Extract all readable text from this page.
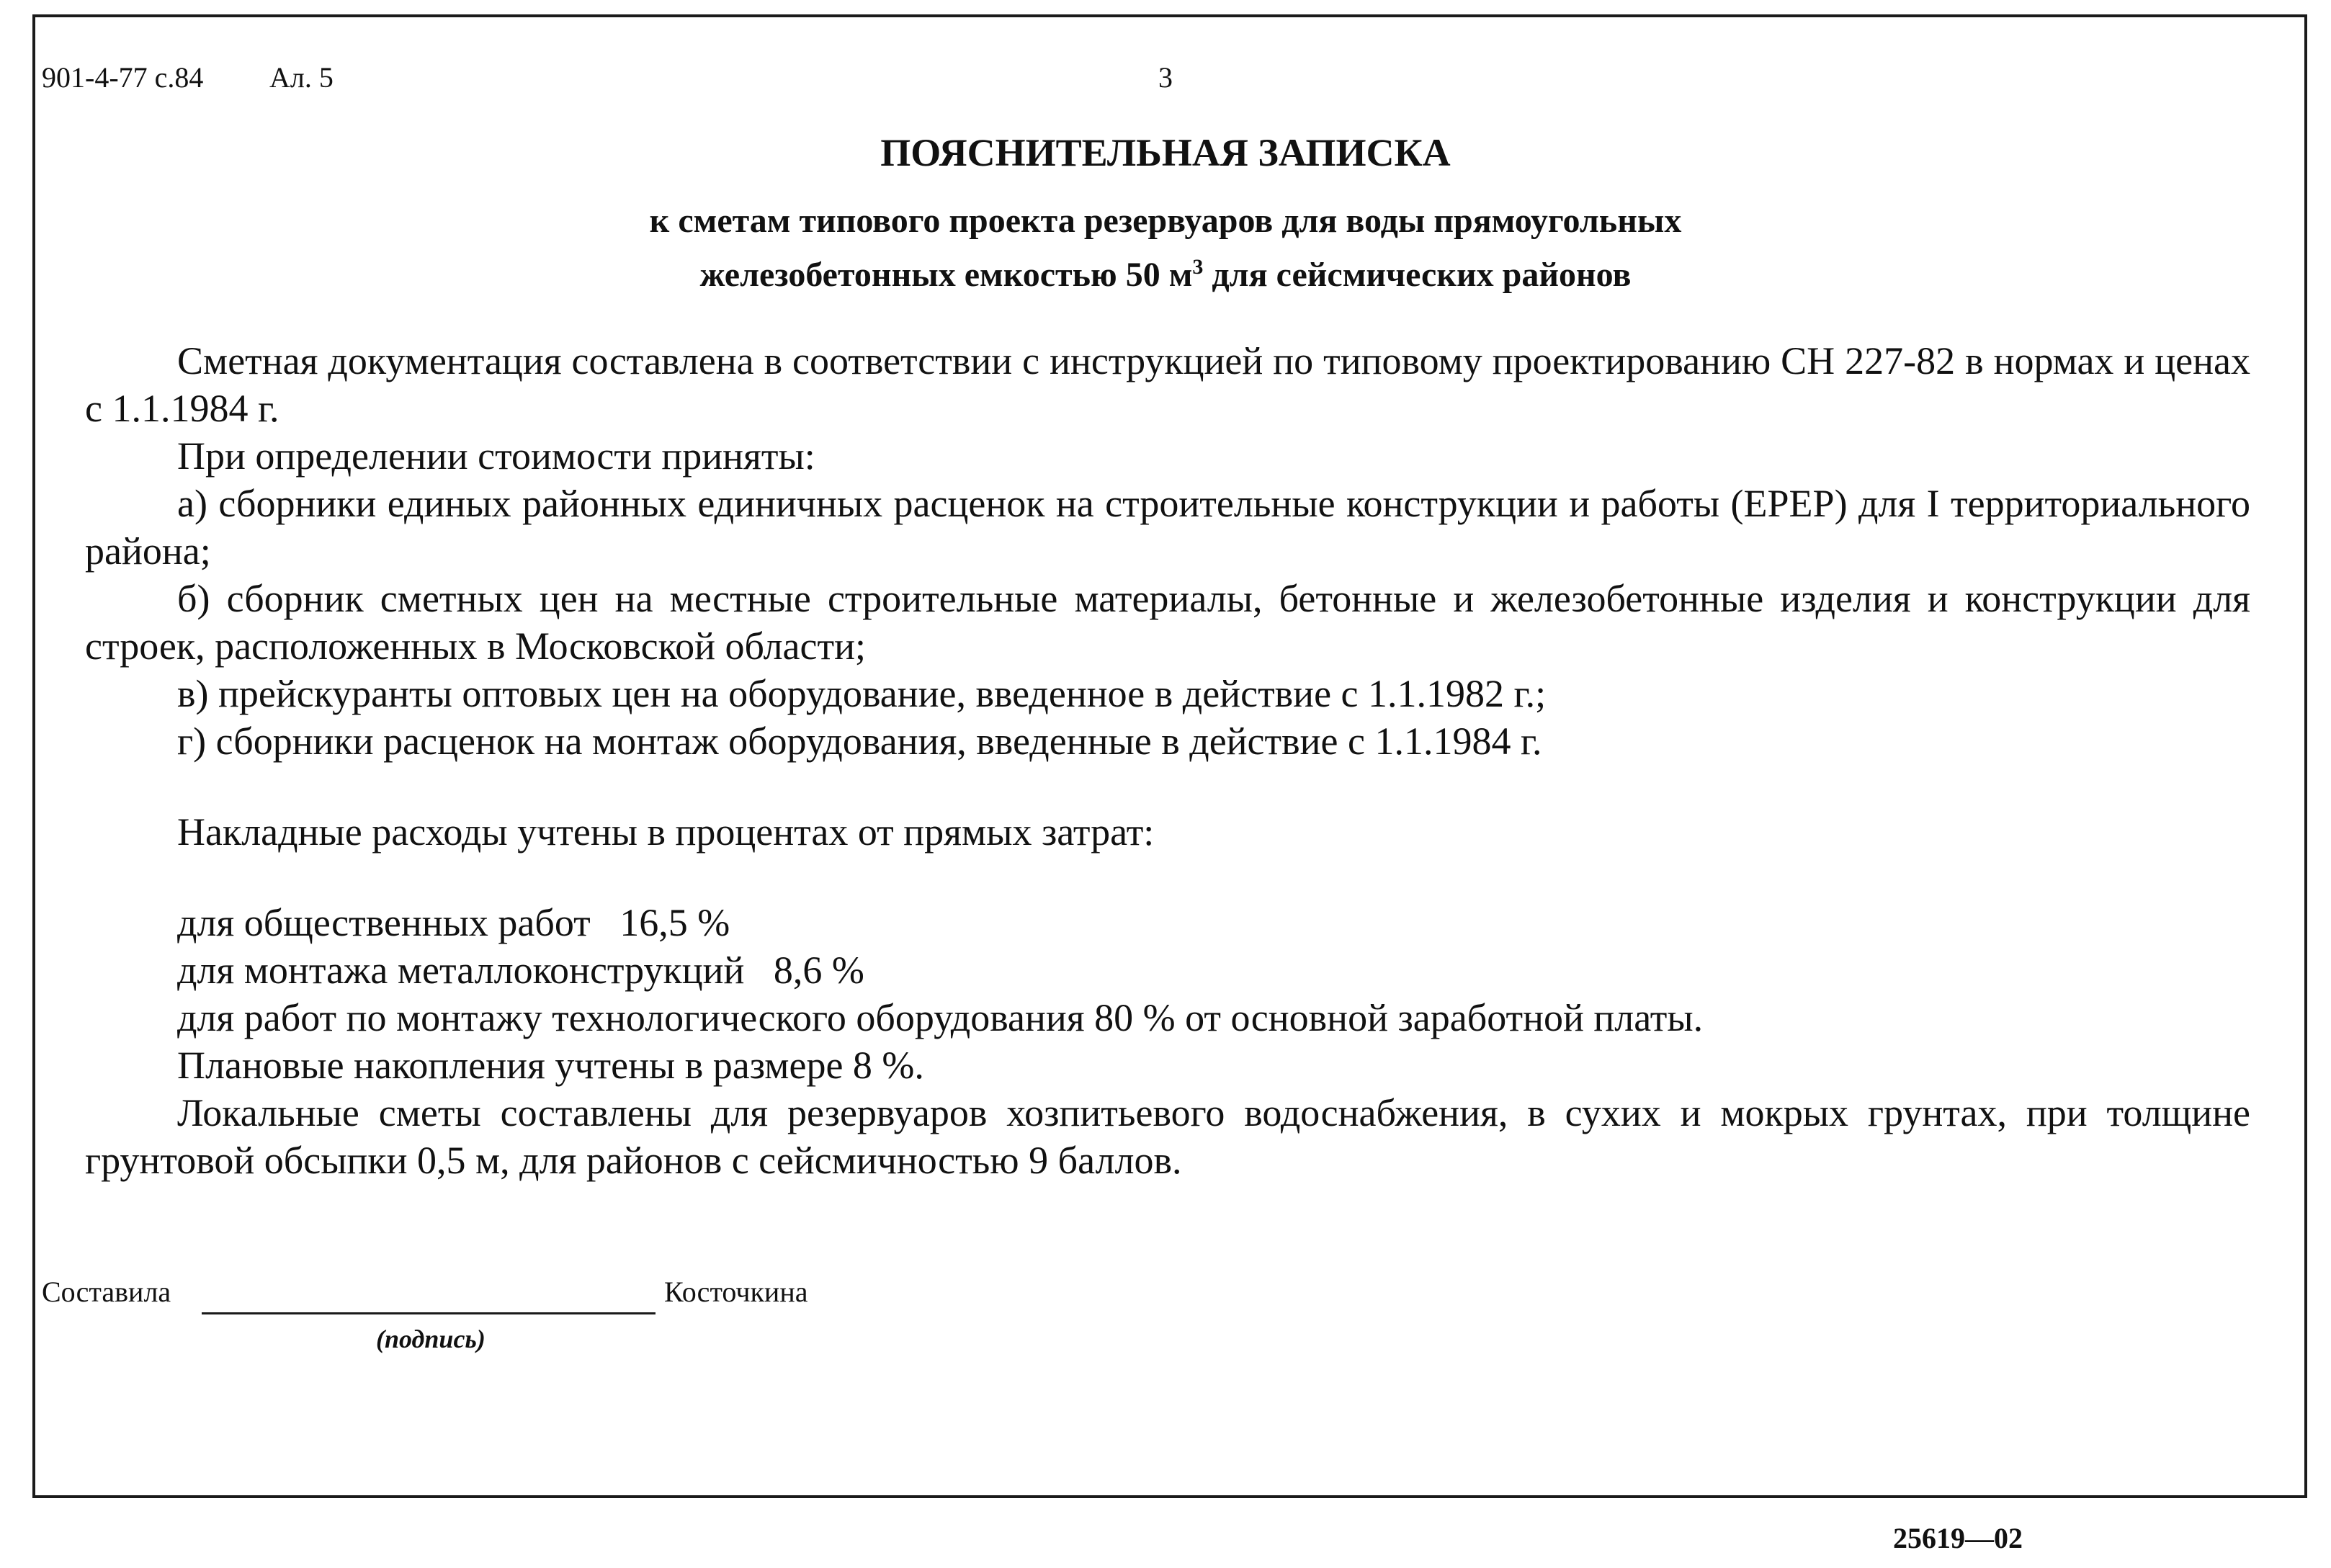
901-4-77 с.84 Ал. 5	3
ПОЯСНИТЕЛЬНАЯ ЗАПИСКА
к сметам типового проекта резервуаров для воды прямоугольных
железобетонных емкостью 50 $м^3$ для сейсмических районов

Сметная документация составлена в соответствии с инструкцией по типовому проектированию СН 227-82 в нормах и ценах с 1.1.1984 г.

При определении стоимости приняты:

а) сборники единых районных единичных расценок на строительные конструкции и работы (ЕРЕР) для I территориального района;

б) сборник сметных цен на местные строительные материалы, бетонные и железобетонные изделия и конструкции для строек, расположенных в Московской области;

в) прейскуранты оптовых цен на оборудование, введенное в действие с 1.1.1982 г.;

г) сборники расценок на монтаж оборудования, введенные в действие с 1.1.1984 г.

Накладные расходы учтены в процентах от прямых затрат:

для общественных работ 16,5 %

для монтажа металлоконструкций 8,6 %

для работ по монтажу технологического оборудования 80 % от основной заработной платы.

Плановые накопления учтены в размере 8 %.

Локальные сметы составлены для резервуаров хозпитьевого водоснабжения, в сухих и мокрых грунтах, при толщине грунтовой обсыпки 0,5 м, для районов с сейсмичностью 9 баллов.

Составила	Косточкина
(подпись)
25619—02
